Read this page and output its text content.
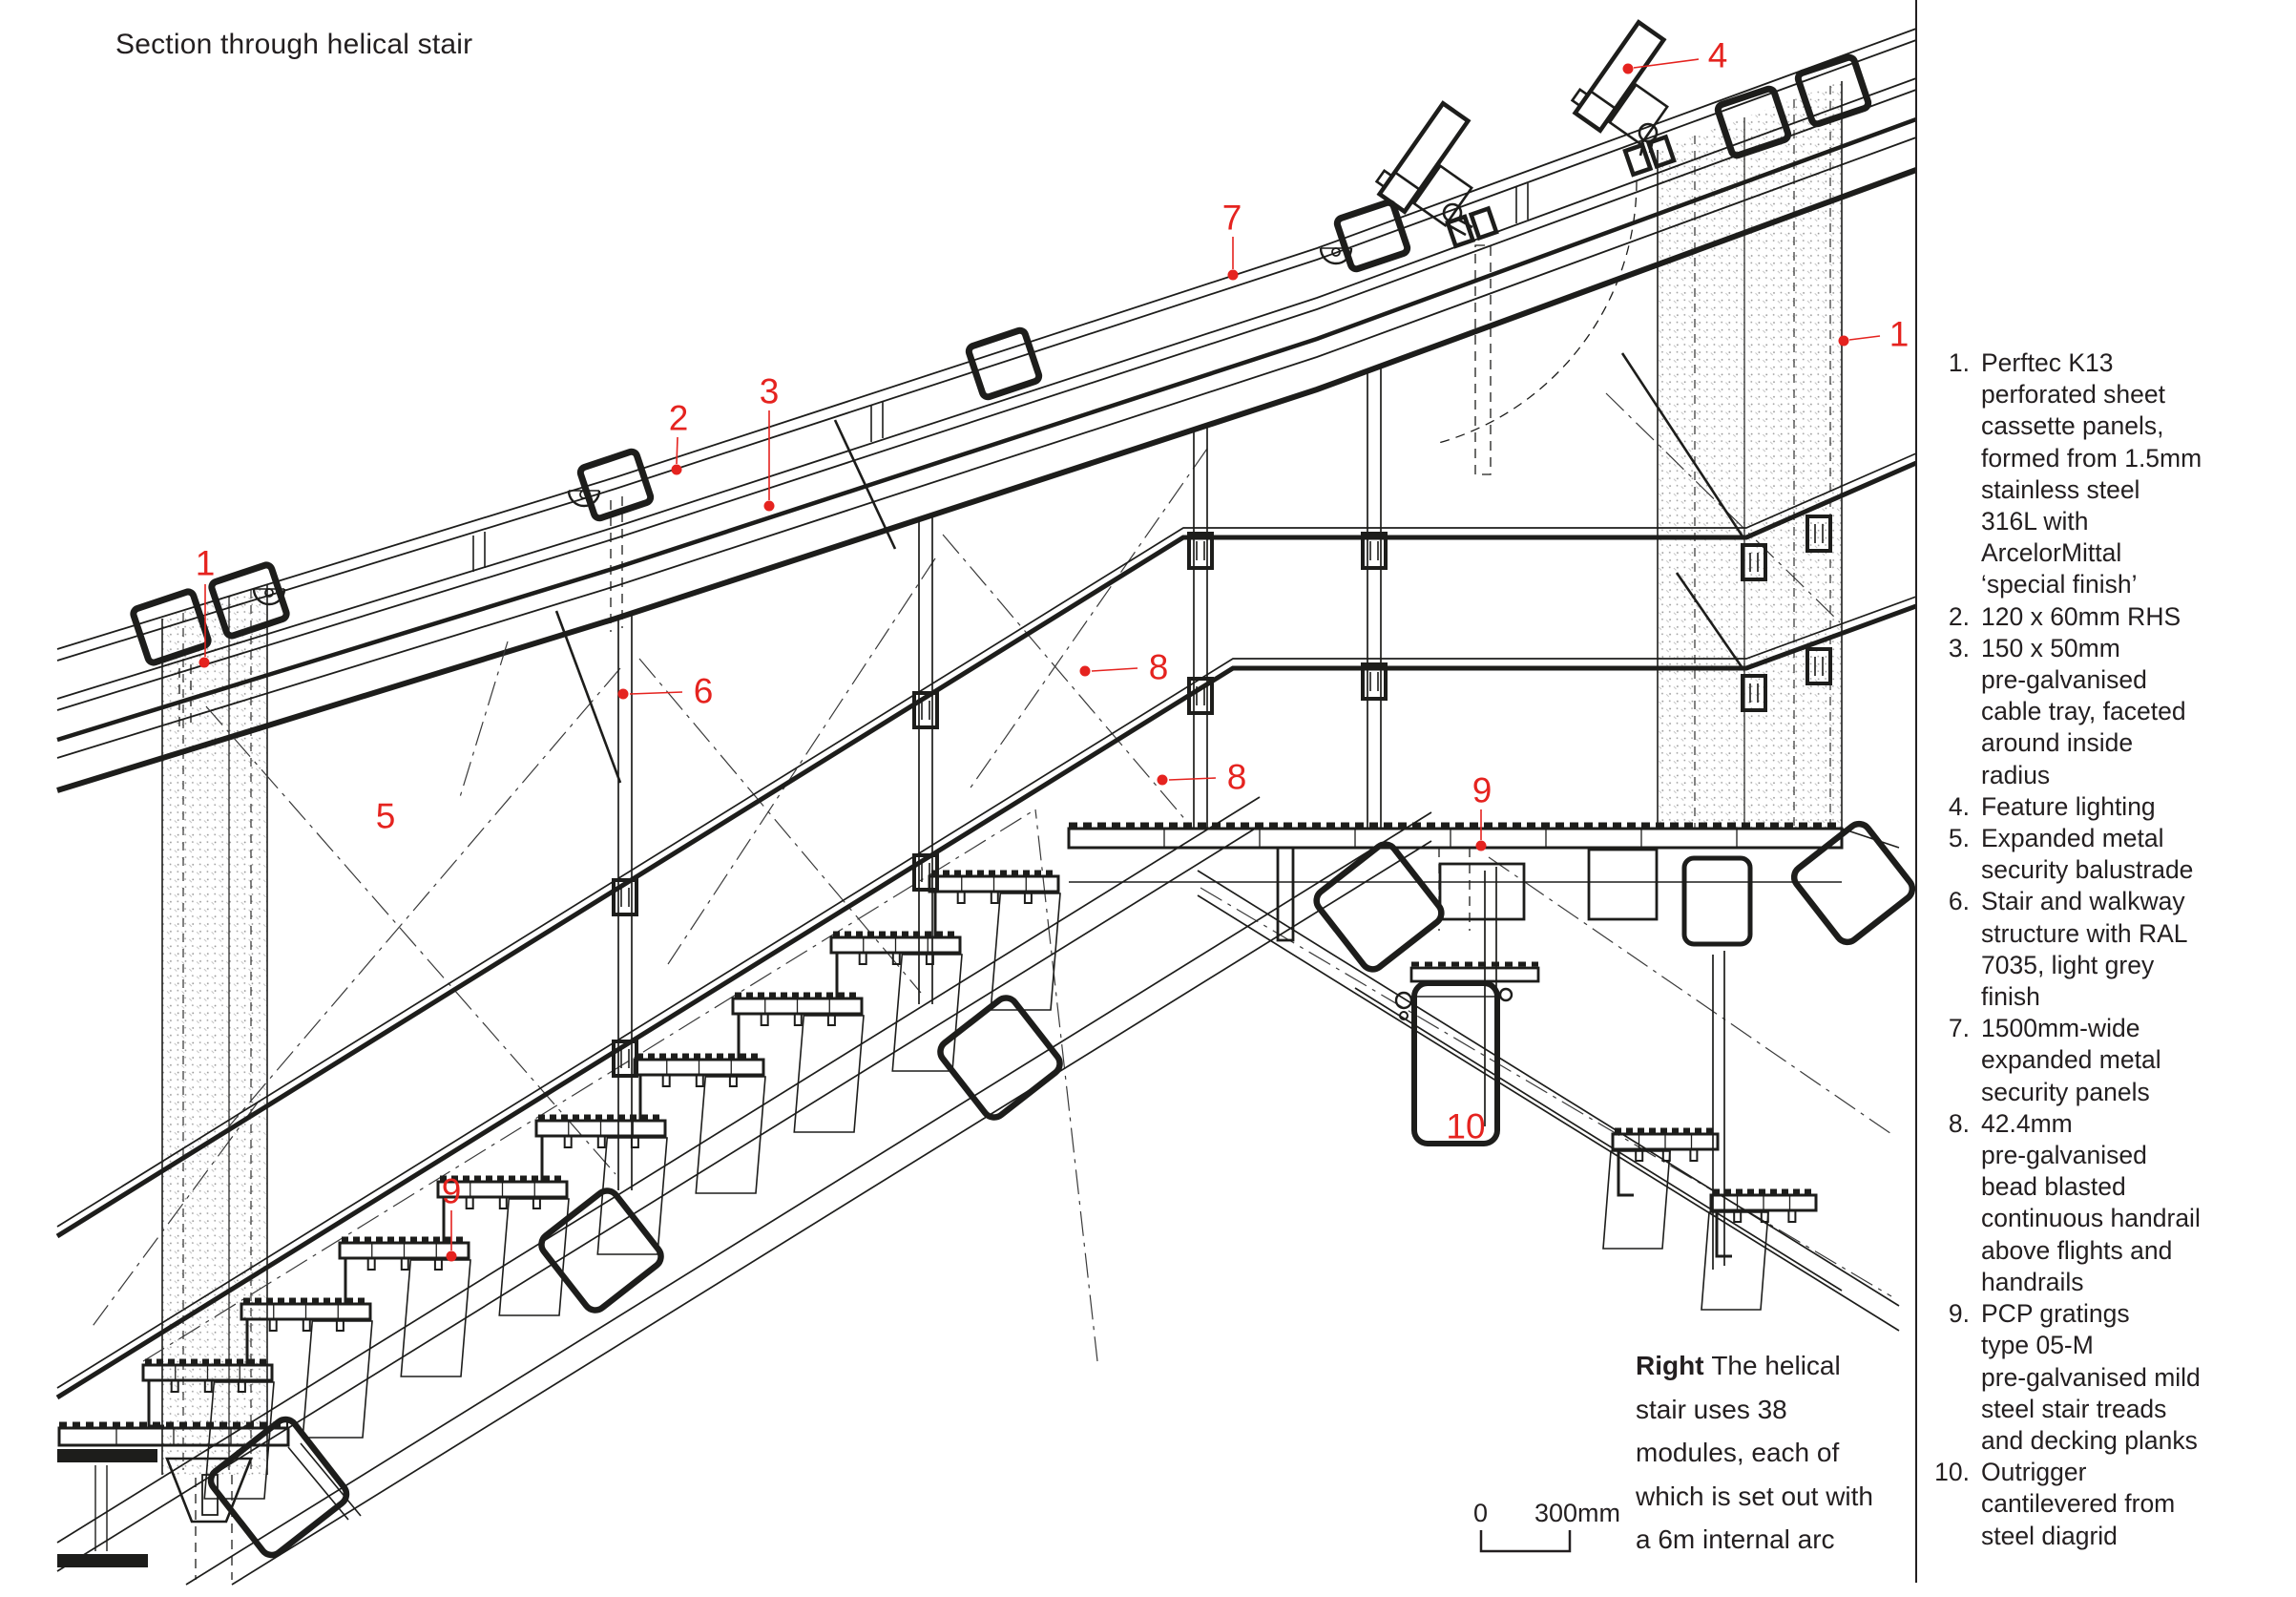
Section through helical stair
1
2
3
4
7
1
5
6
8
8	9
9
10
1. Perftec K13
perforated sheet
cassette panels,
formed from 1.5mm
stainless steel
316L with
ArcelorMittal
‘special finish’
2. 120 x 60mm RHS
3. 150 x 50mm
pre-galvanised
cable tray, faceted
around inside
radius
4. Feature lighting
5. Expanded metal
security balustrade
6. Stair and walkway
structure with RAL
7035, light grey
finish
7. 1500mm-wide
expanded metal
security panels
8. 42.4mm
pre-galvanised
bead blasted
continuous handrail
above flights and
handrails
9. PCP gratings
type 05-M
pre-galvanised mild
steel stair treads
and decking planks
10. Outrigger
cantilevered from
steel diagrid
Right The helical
stair uses 38
modules, each of
which is set out with
a 6m internal arc
0 300mm
